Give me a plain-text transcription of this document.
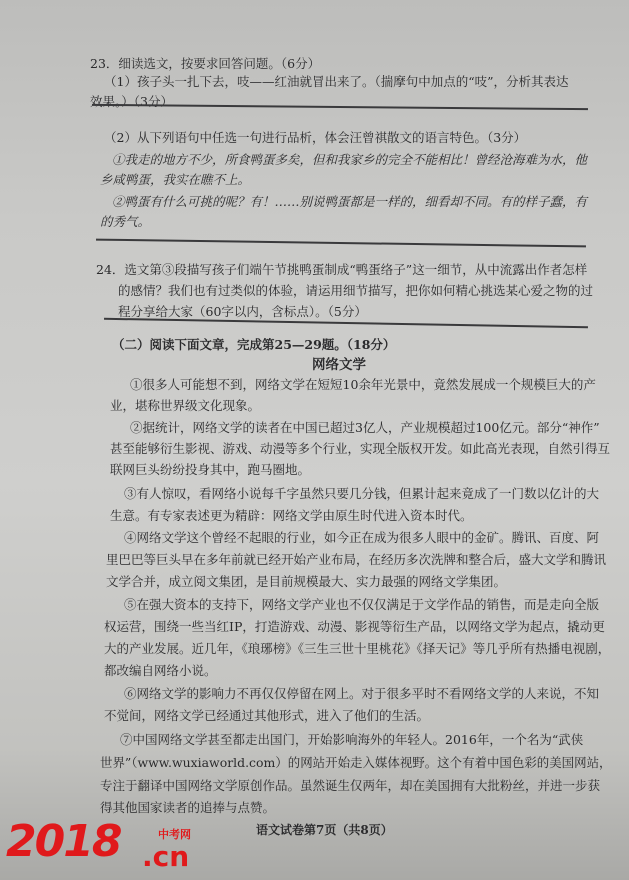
23．细读选文，按要求回答问题。（6分）
（1）孩子头一扎下去，吱——红油就冒出来了。（揣摩句中加点的“吱”，分析其表达
效果。）（3分）
（2）从下列语句中任选一句进行品析，体会汪曾祺散文的语言特色。（3分）
①我走的地方不少，所食鸭蛋多矣，但和我家乡的完全不能相比！曾经沧海难为水，他
乡咸鸭蛋，我实在瞧不上。
②鸭蛋有什么可挑的呢？有！……别说鸭蛋都是一样的，细看却不同。有的样子蠢，有
的秀气。
24．选文第③段描写孩子们端午节挑鸭蛋制成“鸭蛋络子”这一细节，从中流露出作者怎样
的感情？我们也有过类似的体验，请运用细节描写，把你如何精心挑选某心爱之物的过
程分享给大家（60字以内，含标点）。（5分）
（二）阅读下面文章，完成第25—29题。（18分）
网络文学
①很多人可能想不到，网络文学在短短10余年光景中，竟然发展成一个规模巨大的产
业，堪称世界级文化现象。
②据统计，网络文学的读者在中国已超过3亿人，产业规模超过100亿元。部分“神作”
甚至能够衍生影视、游戏、动漫等多个行业，实现全版权开发。如此高光表现，自然引得互
联网巨头纷纷投身其中，跑马圈地。
③有人惊叹，看网络小说每千字虽然只要几分钱，但累计起来竟成了一门数以亿计的大
生意。有专家表述更为精辟：网络文学由原生时代进入资本时代。
④网络文学这个曾经不起眼的行业，如今正在成为很多人眼中的金矿。腾讯、百度、阿
里巴巴等巨头早在多年前就已经开始产业布局，在经历多次洗牌和整合后，盛大文学和腾讯
文学合并，成立阅文集团，是目前规模最大、实力最强的网络文学集团。
⑤在强大资本的支持下，网络文学产业也不仅仅满足于文学作品的销售，而是走向全版
权运营，围绕一些当红IP，打造游戏、动漫、影视等衍生产品，以网络文学为起点，撬动更
大的产业发展。近几年，《琅琊榜》《三生三世十里桃花》《择天记》等几乎所有热播电视剧，
都改编自网络小说。
⑥网络文学的影响力不再仅仅停留在网上。对于很多平时不看网络文学的人来说，不知
不觉间，网络文学已经通过其他形式，进入了他们的生活。
⑦中国网络文学甚至都走出国门，开始影响海外的年轻人。2016年，一个名为“武侠
世界”（www.wuxiaworld.com）的网站开始走入媒体视野。这个有着中国色彩的美国网站，
专注于翻译中国网络文学原创作品。虽然诞生仅两年，却在美国拥有大批粉丝，并进一步获
得其他国家读者的追捧与点赞。
语文试卷第7页（共8页）
2018	中考网
.cn
